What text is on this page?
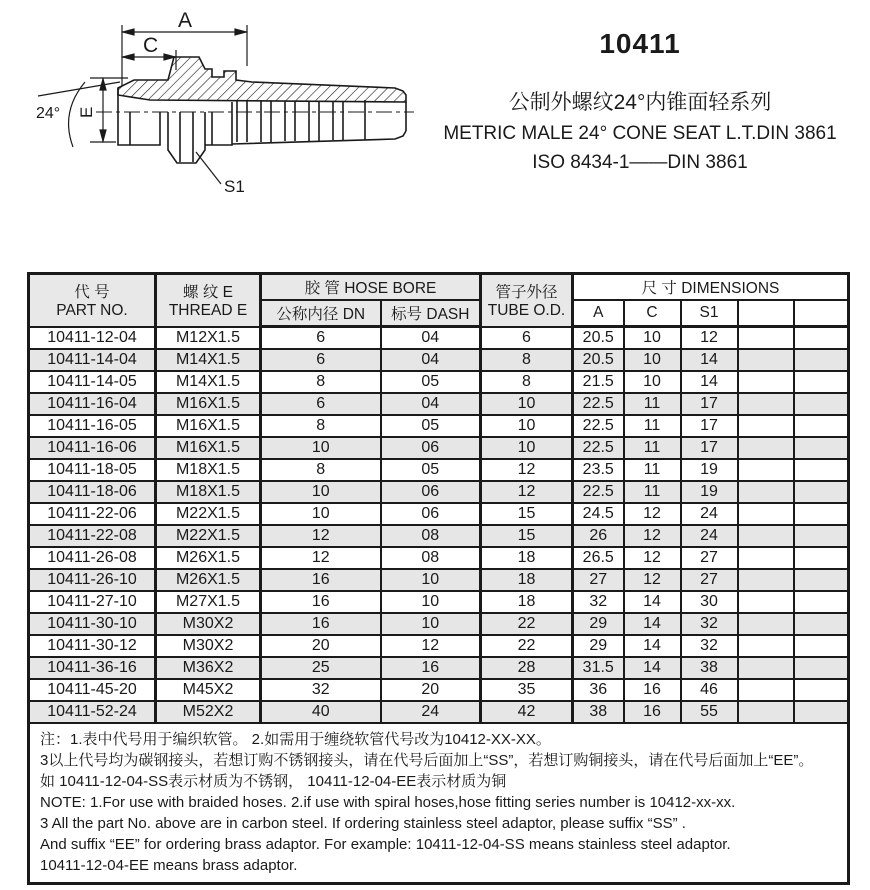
A
C
E
24°
S1
10411
公制外螺纹24°内锥面轻系列
METRIC MALE 24° CONE SEAT L.T.DIN 3861
ISO 8434-1——DIN 3861
代 号
PART NO.

螺 纹 E
THREAD E
	胶 管 HOSE BORE	管子外径
TUBE O.D.
	尺 寸 DIMENSIONS
		公称内径 DN	标号 DASH		A	C	S1		
10411-12-04	M12X1.5	6	04	6	20.5	10	12		
10411-14-04	M14X1.5	6	04	8	20.5	10	14		
10411-14-05	M14X1.5	8	05	8	21.5	10	14		
10411-16-04	M16X1.5	6	04	10	22.5	11	17		
10411-16-05	M16X1.5	8	05	10	22.5	11	17		
10411-16-06	M16X1.5	10	06	10	22.5	11	17		
10411-18-05	M18X1.5	8	05	12	23.5	11	19		
10411-18-06	M18X1.5	10	06	12	22.5	11	19		
10411-22-06	M22X1.5	10	06	15	24.5	12	24		
10411-22-08	M22X1.5	12	08	15	26	12	24		
10411-26-08	M26X1.5	12	08	18	26.5	12	27		
10411-26-10	M26X1.5	16	10	18	27	12	27		
10411-27-10	M27X1.5	16	10	18	32	14	30		
10411-30-10	M30X2	16	10	22	29	14	32		
10411-30-12	M30X2	20	12	22	29	14	32		
10411-36-16	M36X2	25	16	28	31.5	14	38		
10411-45-20	M45X2	32	20	35	36	16	46		
10411-52-24	M52X2	40	24	42	38	16	55		

注：1.表中代号用于编织软管。 2.如需用于缠绕软管代号改为10412-XX-XX。
3以上代号均为碳钢接头，若想订购不锈钢接头，请在代号后面加上“SS”，若想订购铜接头，请在代号后面加上“EE”。
如 10411-12-04-SS表示材质为不锈钢， 10411-12-04-EE表示材质为铜
NOTE: 1.For use with braided hoses. 2.if use with spiral hoses,hose fitting series number is 10412-xx-xx.
3 All the part No. above are in carbon steel. If ordering stainless steel adaptor, please suffix “SS” .
And suffix “EE” for ordering brass adaptor. For example: 10411-12-04-SS means stainless steel adaptor.
10411-12-04-EE means brass adaptor.
